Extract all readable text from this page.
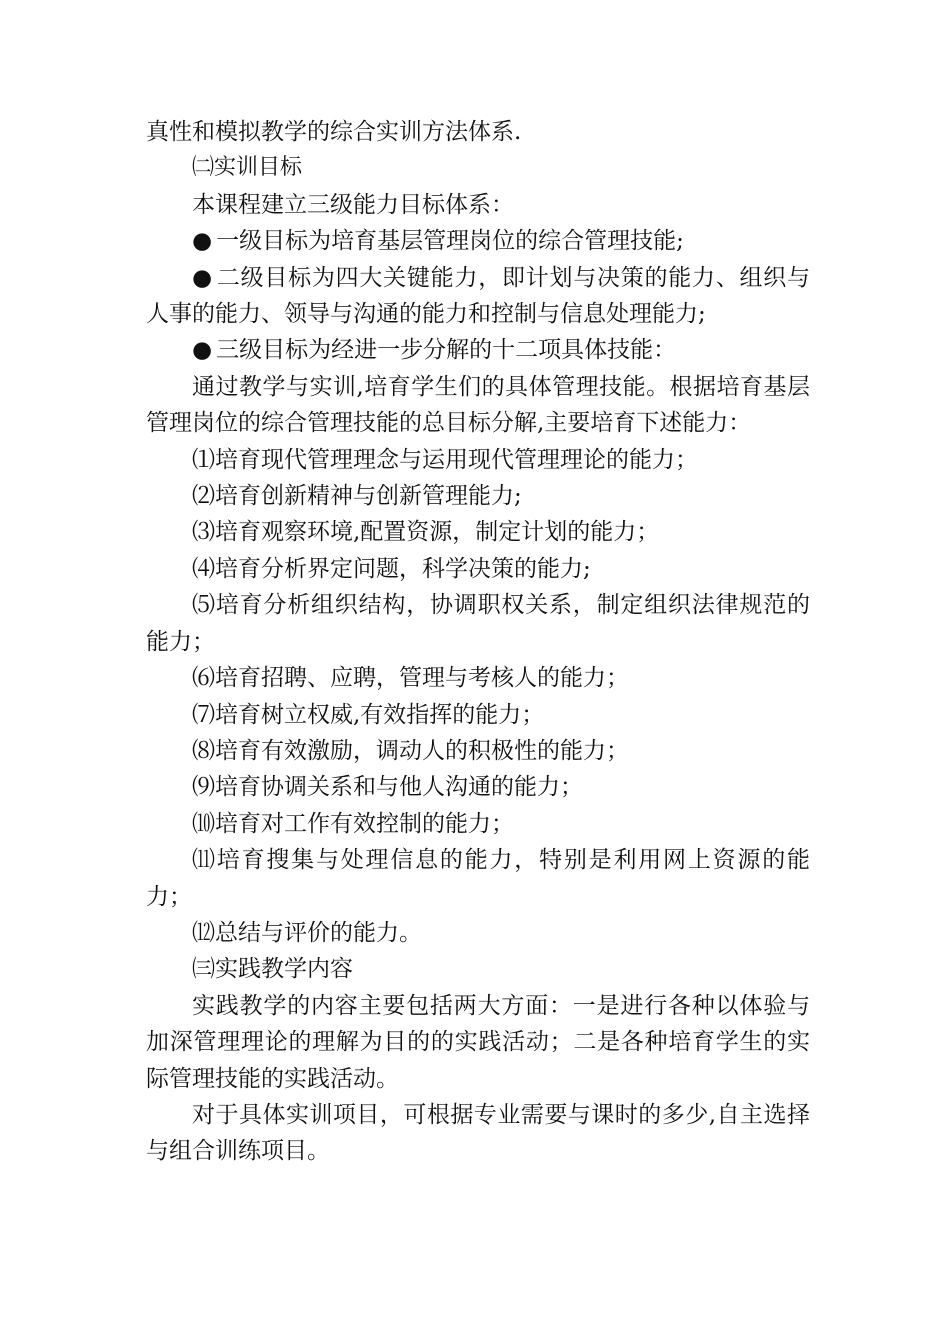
真性和模拟教学的综合实训方法体系.

㈡实训目标

本课程建立三级能力目标体系：

● 一级目标为培育基层管理岗位的综合管理技能;

● 二级目标为四大关键能力，即计划与决策的能力、组织与人事的能力、领导与沟通的能力和控制与信息处理能力;

● 三级目标为经进一步分解的十二项具体技能：

通过教学与实训,培育学生们的具体管理技能。根据培育基层管理岗位的综合管理技能的总目标分解,主要培育下述能力：

⑴培育现代管理理念与运用现代管理理论的能力；

⑵培育创新精神与创新管理能力;

⑶培育观察环境,配置资源，制定计划的能力；

⑷培育分析界定问题，科学决策的能力;

⑸培育分析组织结构，协调职权关系，制定组织法律规范的能力；

⑹培育招聘、应聘，管理与考核人的能力；

⑺培育树立权威,有效指挥的能力；

⑻培育有效激励，调动人的积极性的能力；

⑼培育协调关系和与他人沟通的能力；

⑽培育对工作有效控制的能力；

⑾培育搜集与处理信息的能力，特别是利用网上资源的能力；

⑿总结与评价的能力。

㈢实践教学内容

实践教学的内容主要包括两大方面：一是进行各种以体验与加深管理理论的理解为目的的实践活动；二是各种培育学生的实际管理技能的实践活动。

对于具体实训项目，可根据专业需要与课时的多少,自主选择与组合训练项目。
